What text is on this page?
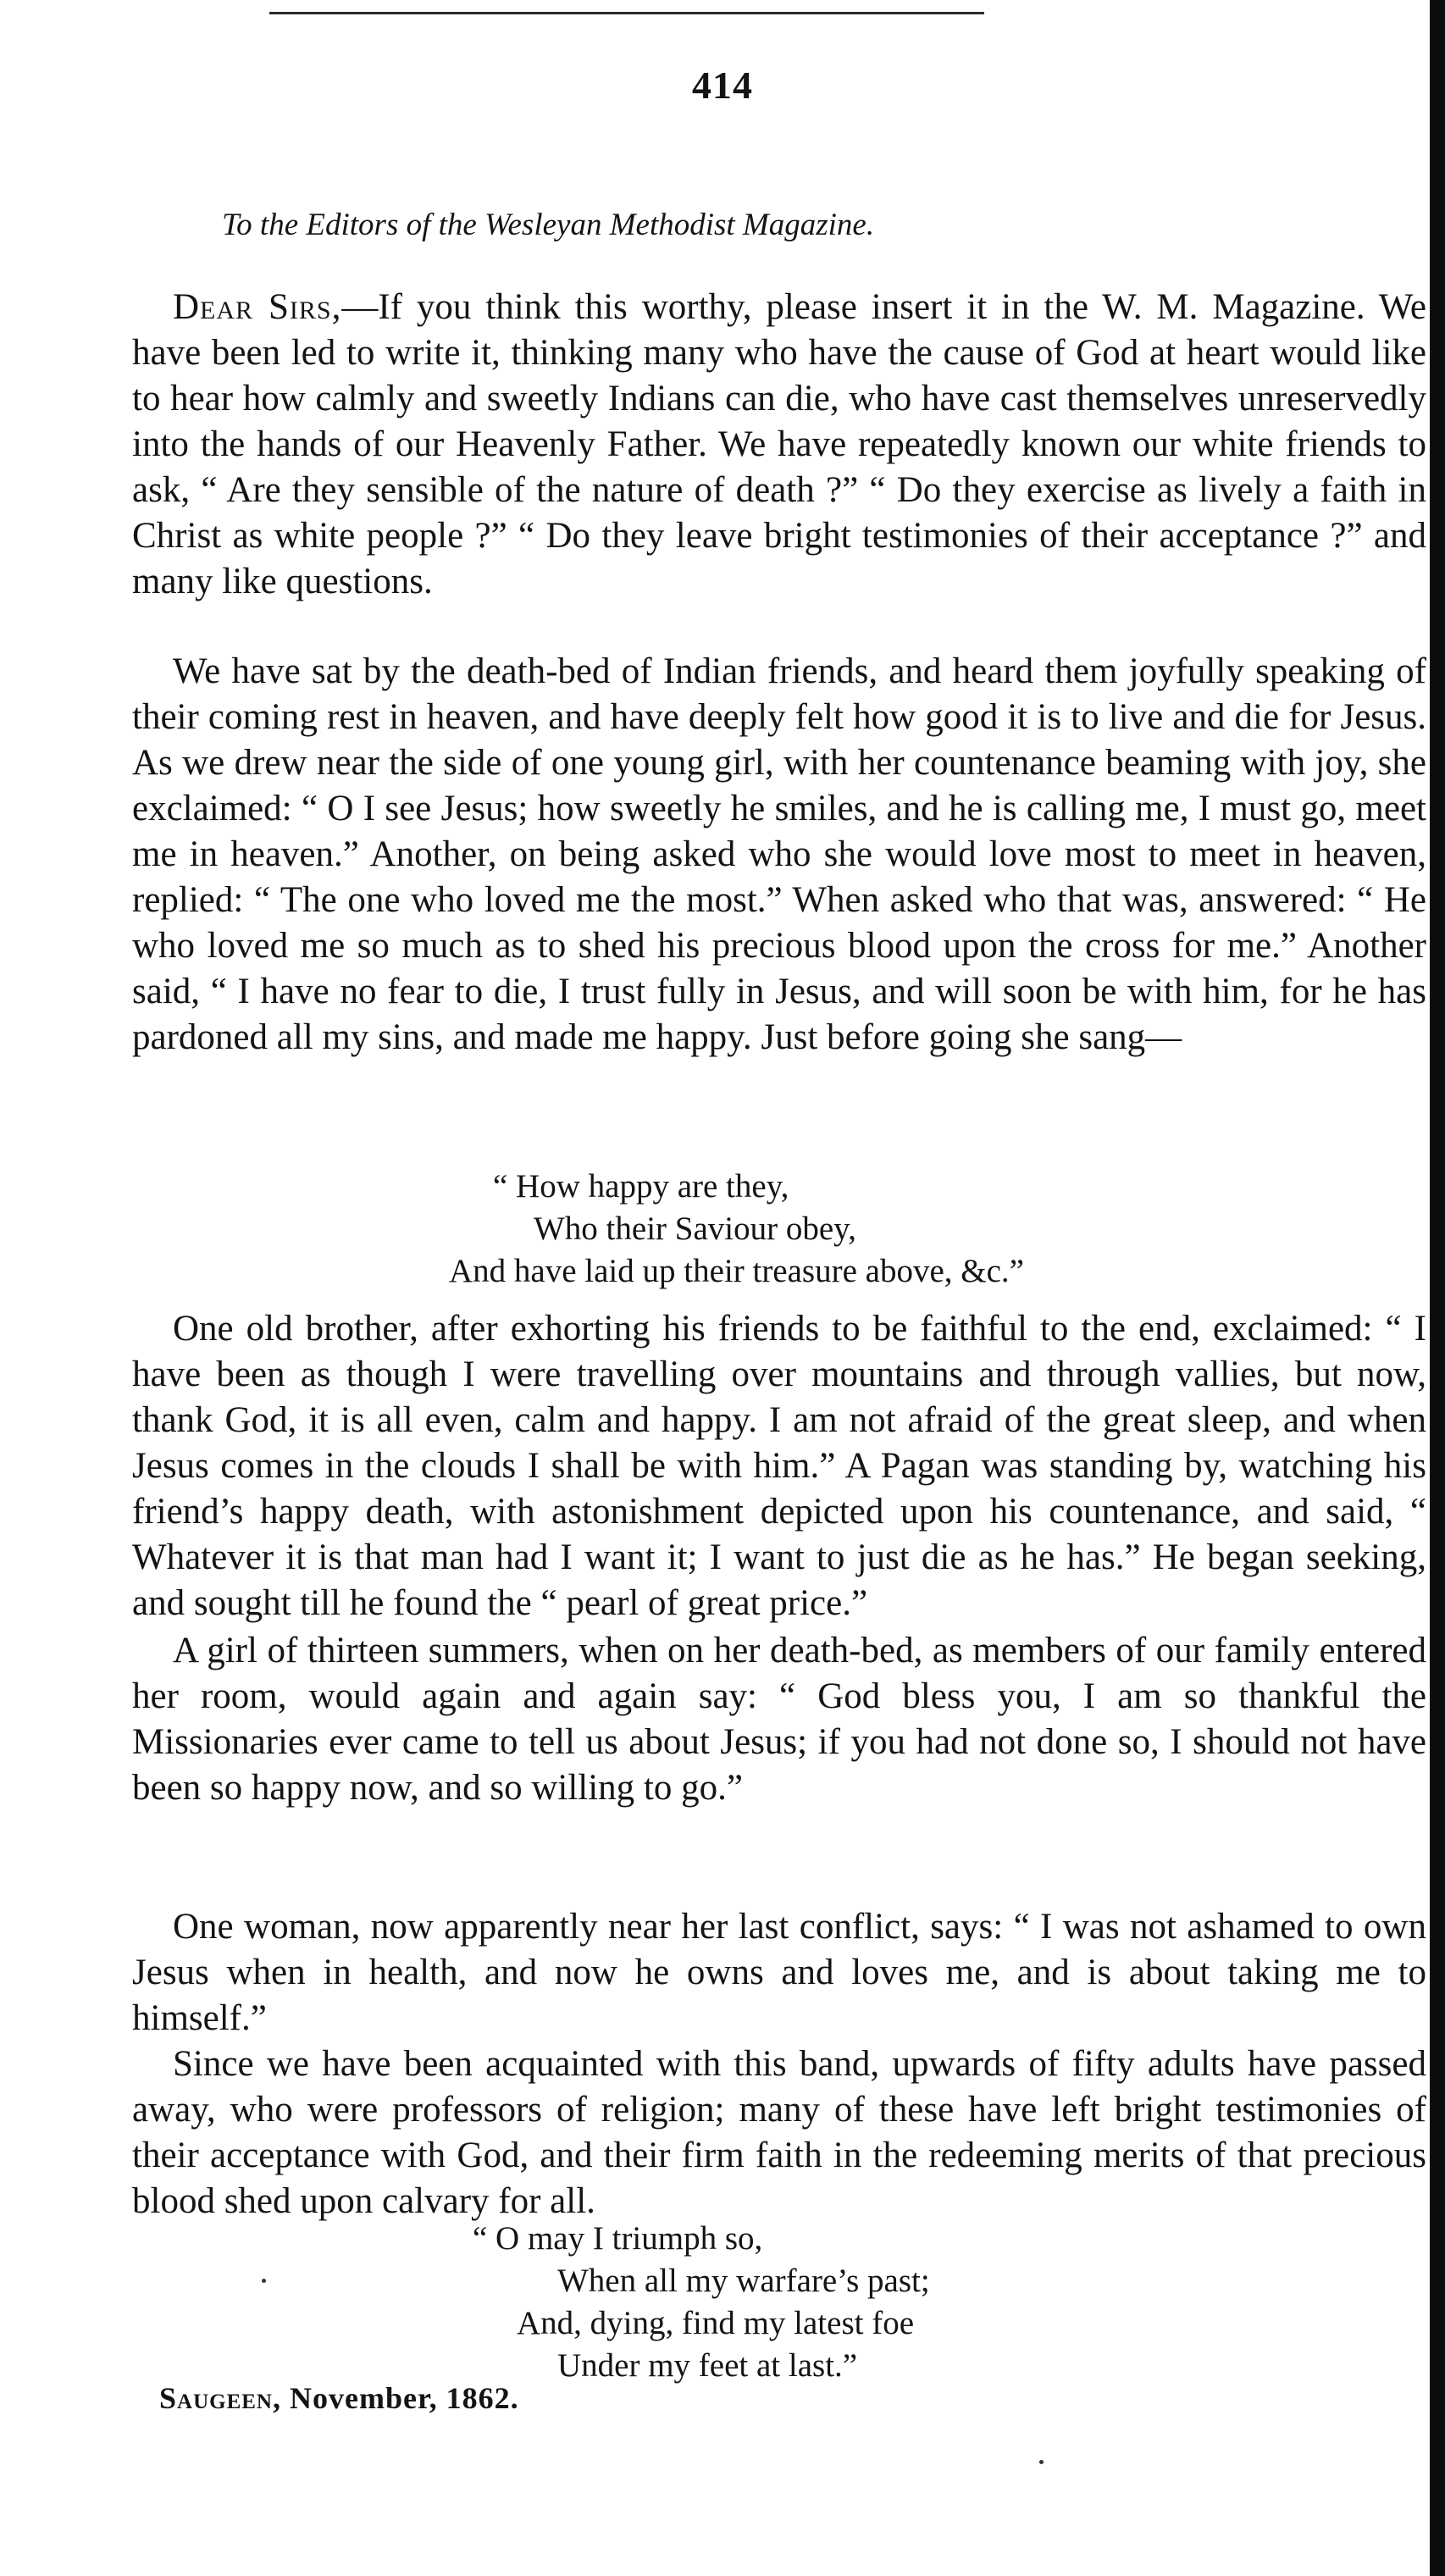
414
To the Editors of the Wesleyan Methodist Magazine.

Dear Sirs,—If you think this worthy, please insert it in the W. M. Magazine. We have been led to write it, thinking many who have the cause of God at heart would like to hear how calmly and sweetly Indians can die, who have cast themselves unreservedly into the hands of our Heavenly Father. We have repeatedly known our white friends to ask, “ Are they sensible of the nature of death ?” “ Do they exercise as lively a faith in Christ as white people ?” “ Do they leave bright testimonies of their acceptance ?” and many like questions.

We have sat by the death-bed of Indian friends, and heard them joyfully speaking of their coming rest in heaven, and have deeply felt how good it is to live and die for Jesus. As we drew near the side of one young girl, with her countenance beaming with joy, she exclaimed: “ O I see Jesus; how sweetly he smiles, and he is calling me, I must go, meet me in heaven.” Another, on being asked who she would love most to meet in heaven, replied: “ The one who loved me the most.” When asked who that was, answered: “ He who loved me so much as to shed his precious blood upon the cross for me.” Another said, “ I have no fear to die, I trust fully in Jesus, and will soon be with him, for he has pardoned all my sins, and made me happy. Just before going she sang—

“ How happy are they,
Who their Saviour obey,
And have laid up their treasure above, &c.”

One old brother, after exhorting his friends to be faithful to the end, exclaimed: “ I have been as though I were travelling over mountains and through vallies, but now, thank God, it is all even, calm and happy. I am not afraid of the great sleep, and when Jesus comes in the clouds I shall be with him.” A Pagan was standing by, watching his friend’s happy death, with astonishment depicted upon his countenance, and said, “ Whatever it is that man had I want it; I want to just die as he has.” He began seeking, and sought till he found the “ pearl of great price.”

A girl of thirteen summers, when on her death-bed, as members of our family entered her room, would again and again say: “ God bless you, I am so thankful the Missionaries ever came to tell us about Jesus; if you had not done so, I should not have been so happy now, and so willing to go.”

One woman, now apparently near her last conflict, says: “ I was not ashamed to own Jesus when in health, and now he owns and loves me, and is about taking me to himself.”

Since we have been acquainted with this band, upwards of fifty adults have passed away, who were professors of religion; many of these have left bright testimonies of their acceptance with God, and their firm faith in the redeeming merits of that precious blood shed upon calvary for all.

“ O may I triumph so,
When all my warfare’s past;
And, dying, find my latest foe
Under my feet at last.”
Saugeen, November, 1862.
